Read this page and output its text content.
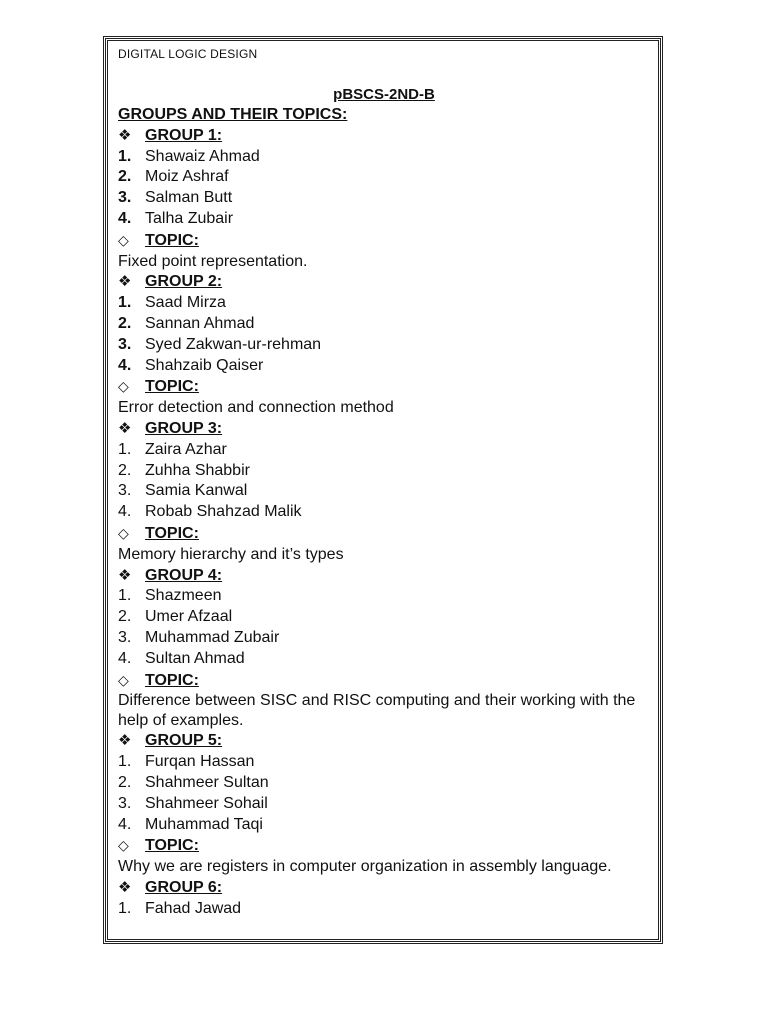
DIGITAL LOGIC DESIGN
pBSCS-2ND-B
GROUPS AND THEIR TOPICS:
❖ GROUP 1:
1. Shawaiz Ahmad
2. Moiz Ashraf
3. Salman Butt
4. Talha Zubair
◇ TOPIC:
Fixed point representation.
❖ GROUP 2:
1. Saad Mirza
2. Sannan Ahmad
3. Syed Zakwan-ur-rehman
4. Shahzaib Qaiser
◇ TOPIC:
Error detection and connection method
❖ GROUP 3:
1. Zaira Azhar
2. Zuhha Shabbir
3. Samia Kanwal
4. Robab Shahzad Malik
◇ TOPIC:
Memory hierarchy and it’s types
❖ GROUP 4:
1. Shazmeen
2. Umer Afzaal
3. Muhammad Zubair
4. Sultan Ahmad
◇ TOPIC:
Difference between SISC and RISC computing and their working with the help of examples.
❖ GROUP 5:
1. Furqan Hassan
2. Shahmeer Sultan
3. Shahmeer Sohail
4. Muhammad Taqi
◇ TOPIC:
Why we are registers in computer organization in assembly language.
❖ GROUP 6:
1. Fahad Jawad
